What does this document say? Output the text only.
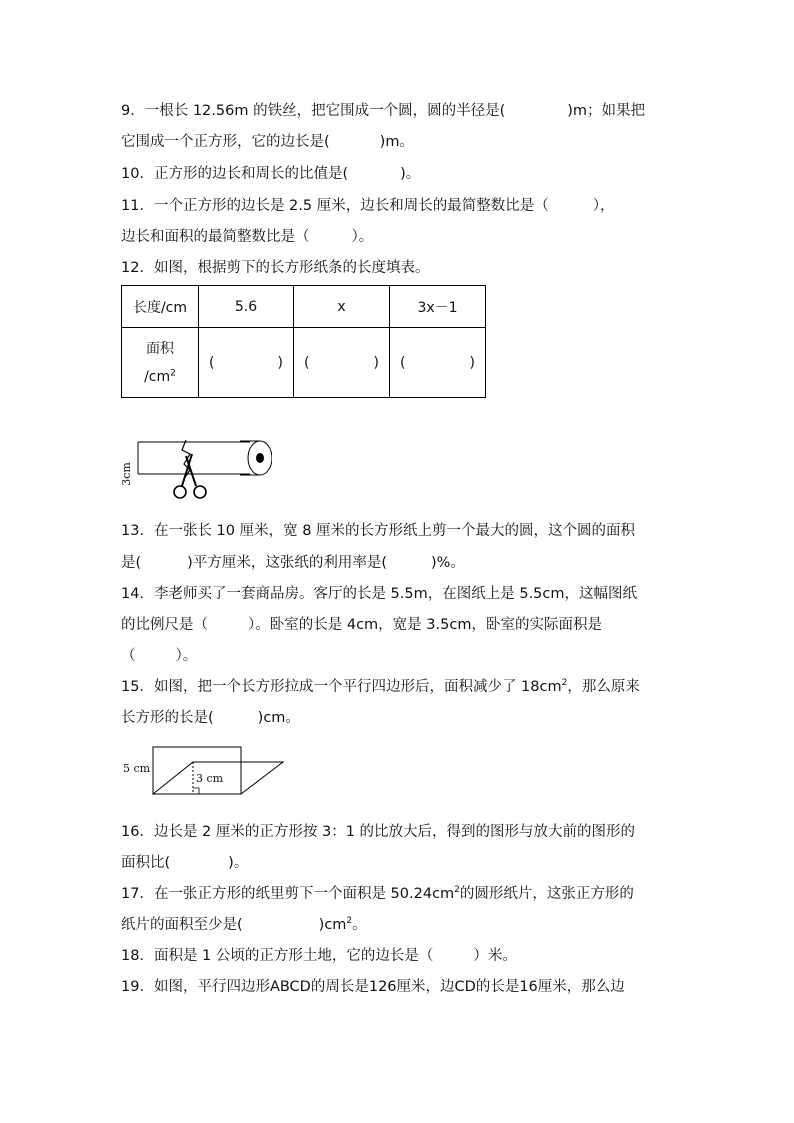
9．一根长 12.56m 的铁丝，把它围成一个圆，圆的半径是(	)m；如果把
它围成一个正方形，它的边长是(	)m。
10．正方形的边长和周长的比值是(	)。
11．一个正方形的边长是 2.5 厘米，边长和周长的最简整数比是（	），
边长和面积的最简整数比是（	）。
12．如图，根据剪下的长方形纸条的长度填表。
长度/cm	5.6	x	3x－1
面积
$/cm^2$	( )	( )	( )
3cm
13．在一张长 10 厘米，宽 8 厘米的长方形纸上剪一个最大的圆，这个圆的面积
是(	)平方厘米，这张纸的利用率是(	)%。
14．李老师买了一套商品房。客厅的长是 5.5m，在图纸上是 5.5cm，这幅图纸
的比例尺是（	）。卧室的长是 4cm，宽是 3.5cm，卧室的实际面积是
（	）。
15．如图，把一个长方形拉成一个平行四边形后，面积减少了 $18cm^2$，那么原来
长方形的长是(	)cm。
5 cm
3 cm
16．边长是 2 厘米的正方形按 3：1 的比放大后，得到的图形与放大前的图形的
面积比(	)。
17．在一张正方形的纸里剪下一个面积是 $50.24cm^2$的圆形纸片，这张正方形的
纸片的面积至少是(	)$cm^2$。
18．面积是 1 公顷的正方形土地，它的边长是（	）米。
19．如图，平行四边形ABCD的周长是126厘米，边CD的长是16厘米，那么边
